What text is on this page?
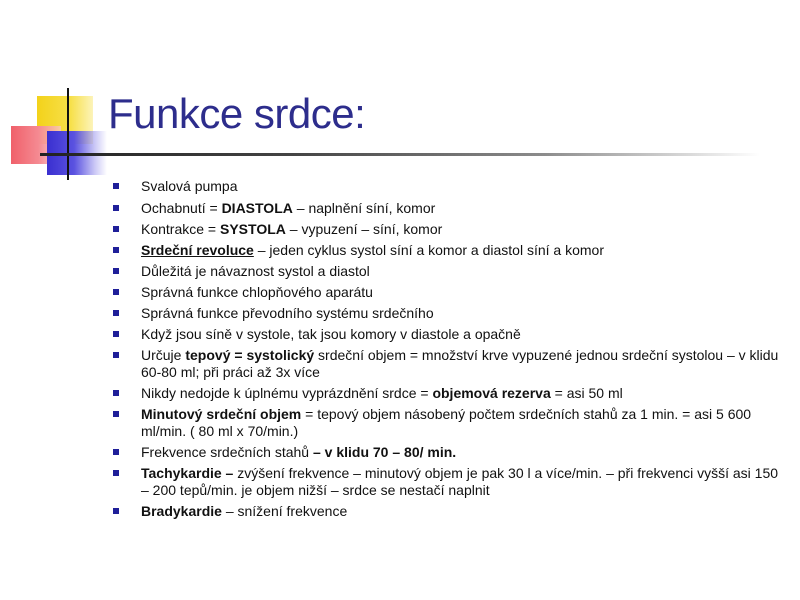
Funkce srdce:
Svalová pumpa
Ochabnutí = DIASTOLA – naplnění síní, komor
Kontrakce = SYSTOLA – vypuzení – síní, komor
Srdeční revoluce – jeden cyklus systol síní a komor a diastol síní a komor
Důležitá je návaznost systol a diastol
Správná funkce chlopňového aparátu
Správná funkce převodního systému srdečního
Když jsou síně v systole, tak jsou komory v diastole a opačně
Určuje tepový = systolický srdeční objem = množství krve vypuzené jednou srdeční systolou – v klidu 60-80 ml; při práci až 3x více
Nikdy nedojde k úplnému vyprázdnění srdce = objemová rezerva = asi 50 ml
Minutový srdeční objem = tepový objem násobený počtem srdečních stahů za 1 min. = asi 5 600 ml/min. ( 80 ml x 70/min.)
Frekvence srdečních stahů – v klidu 70 – 80/ min.
Tachykardie – zvýšení frekvence – minutový objem je pak 30 l a více/min. – při frekvenci vyšší asi 150 – 200 tepů/min. je objem nižší – srdce se nestačí naplnit
Bradykardie – snížení frekvence
